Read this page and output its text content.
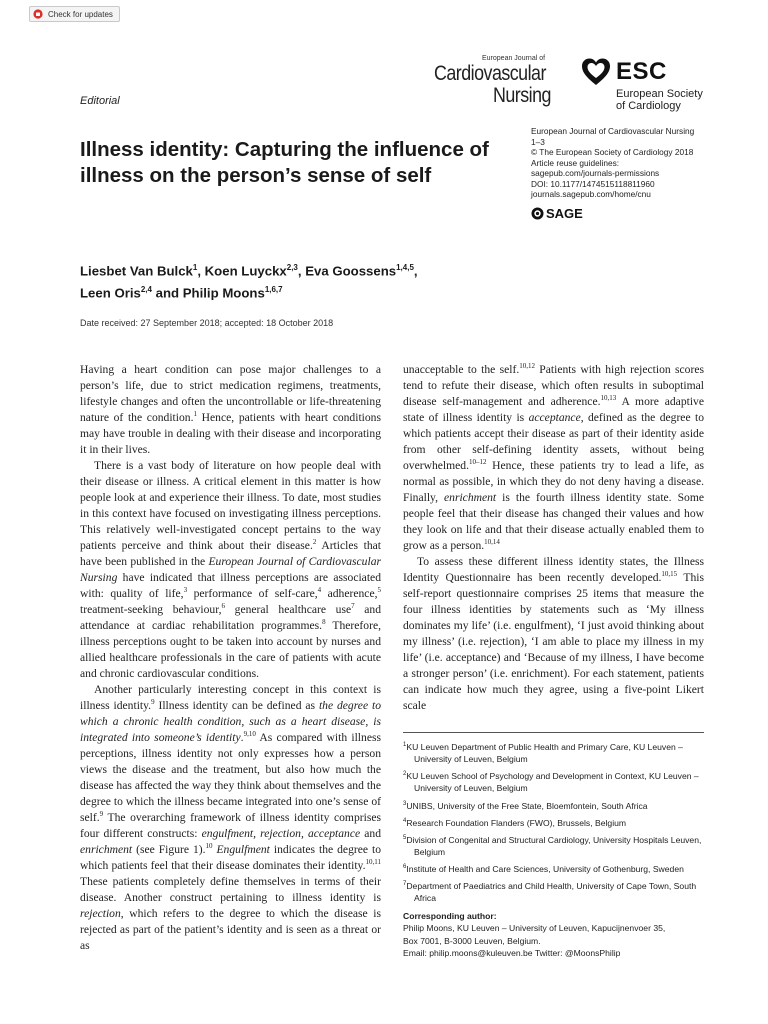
Check for updates
European Journal of
Cardiovascular
Nursing
ESC
European Society
of Cardiology
Editorial
Illness identity: Capturing the influence of illness on the person’s sense of self
European Journal of Cardiovascular Nursing
1–3
© The European Society of Cardiology 2018
Article reuse guidelines:
sagepub.com/journals-permissions
DOI: 10.1177/1474515118811960
journals.sagepub.com/home/cnu
SAGE
Liesbet Van Bulck$^1$, Koen Luyckx$^{2,3}$, Eva Goossens$^{1,4,5}$,
Leen Oris$^{2,4}$ and Philip Moons$^{1,6,7}$
Date received: 27 September 2018; accepted: 18 October 2018

Having a heart condition can pose major challenges to a person’s life, due to strict medication regimens, treatments, lifestyle changes and often the uncontrollable or life-threatening nature of the condition.$^1$ Hence, patients with heart conditions may have trouble in dealing with their disease and incorporating it in their lives.

There is a vast body of literature on how people deal with their disease or illness. A critical element in this matter is how people look at and experience their illness. To date, most studies in this context have focused on investigating illness perceptions. This relatively well-investigated concept pertains to the way patients perceive and think about their disease.$^2$ Articles that have been published in the European Journal of Cardiovascular Nursing have indicated that illness perceptions are associated with: quality of life,$^3$ performance of self-care,$^4$ adherence,$^5$ treatment-seeking behaviour,$^6$ general healthcare use$^7$ and attendance at cardiac rehabilitation programmes.$^8$ Therefore, illness perceptions ought to be taken into account by nurses and allied healthcare professionals in the care of patients with acute and chronic cardiovascular conditions.

Another particularly interesting concept in this context is illness identity.$^9$ Illness identity can be defined as the degree to which a chronic health condition, such as a heart disease, is integrated into someone’s identity.$^{9,10}$ As compared with illness perceptions, illness identity not only expresses how a person views the disease and the treatment, but also how much the disease has affected the way they think about themselves and the degree to which the illness became integrated into one’s sense of self.$^9$ The overarching framework of illness identity comprises four different constructs: engulfment, rejection, acceptance and enrichment (see Figure 1).$^{10}$ Engulfment indicates the degree to which patients feel that their disease dominates their identity.$^{10,11}$ These patients completely define themselves in terms of their disease. Another construct pertaining to illness identity is rejection, which refers to the degree to which the disease is rejected as part of the patient’s identity and is seen as a threat or as

unacceptable to the self.$^{10,12}$ Patients with high rejection scores tend to refute their disease, which often results in suboptimal disease self-management and adherence.$^{10,13}$ A more adaptive state of illness identity is acceptance, defined as the degree to which patients accept their disease as part of their identity aside from other self-defining identity assets, without being overwhelmed.$^{10-12}$ Hence, these patients try to lead a life, as normal as possible, in which they do not deny having a disease. Finally, enrichment is the fourth illness identity state. Some people feel that their disease has changed their values and how they look on life and that their disease actually enabled them to grow as a person.$^{10,14}$

To assess these different illness identity states, the Illness Identity Questionnaire has been recently developed.$^{10,15}$ This self-report questionnaire comprises 25 items that measure the four illness identities by statements such as ‘My illness dominates my life’ (i.e. engulfment), ‘I just avoid thinking about my illness’ (i.e. rejection), ‘I am able to place my illness in my life’ (i.e. acceptance) and ‘Because of my illness, I have become a stronger person’ (i.e. enrichment). For each statement, patients can indicate how much they agree, using a five-point Likert scale

$^1$KU Leuven Department of Public Health and Primary Care, KU Leuven – University of Leuven, Belgium
$^2$KU Leuven School of Psychology and Development in Context, KU Leuven – University of Leuven, Belgium
$^3$UNIBS, University of the Free State, Bloemfontein, South Africa
$^4$Research Foundation Flanders (FWO), Brussels, Belgium
$^5$Division of Congenital and Structural Cardiology, University Hospitals Leuven, Belgium
$^6$Institute of Health and Care Sciences, University of Gothenburg, Sweden
$^7$Department of Paediatrics and Child Health, University of Cape Town, South Africa
Corresponding author:
Philip Moons, KU Leuven – University of Leuven, Kapucijnenvoer 35,
Box 7001, B-3000 Leuven, Belgium.
Email: philip.moons@kuleuven.be Twitter: @MoonsPhilip
